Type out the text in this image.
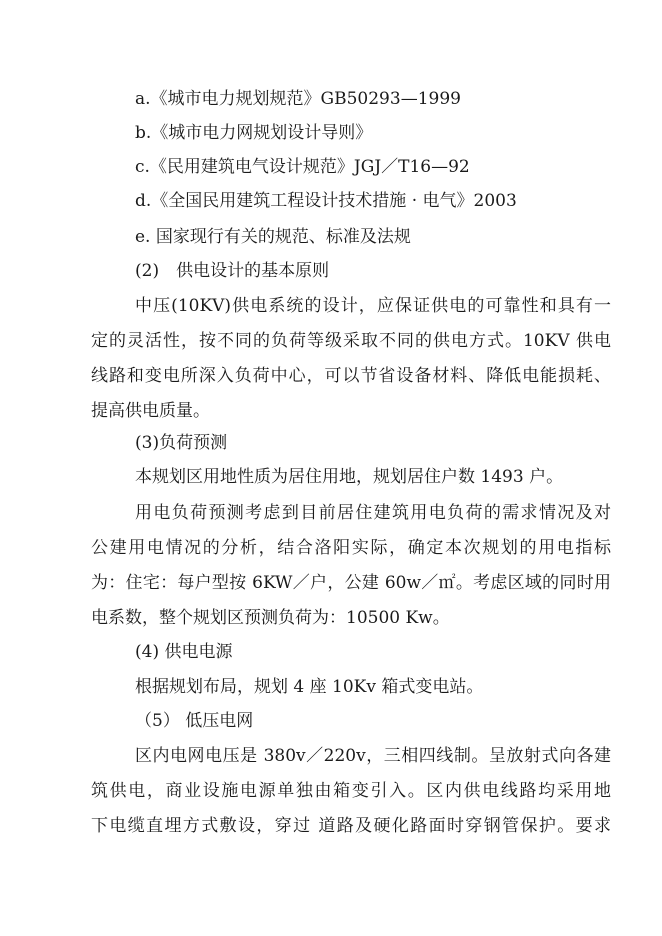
a.《城市电力规划规范》GB50293—1999
b.《城市电力网规划设计导则》
c.《民用建筑电气设计规范》JGJ／T16—92
d.《全国民用建筑工程设计技术措施 · 电气》2003
e. 国家现行有关的规范、标准及法规
(2)　供电设计的基本原则
中压(10KV)供电系统的设计，应保证供电的可靠性和具有一
定的灵活性，按不同的负荷等级采取不同的供电方式。10KV 供电
线路和变电所深入负荷中心，可以节省设备材料、降低电能损耗、
提高供电质量。
(3)负荷预测
本规划区用地性质为居住用地，规划居住户数 1493 户。
用电负荷预测考虑到目前居住建筑用电负荷的需求情况及对
公建用电情况的分析，结合洛阳实际，确定本次规划的用电指标
为：住宅：每户型按 6KW／户，公建 60w／㎡。考虑区域的同时用
电系数，整个规划区预测负荷为：10500 Kw。
(4) 供电电源
根据规划布局，规划 4 座 10Kv 箱式变电站。
（5） 低压电网
区内电网电压是 380v／220v，三相四线制。呈放射式向各建
筑供电，商业设施电源单独由箱变引入。区内供电线路均采用地
下电缆直埋方式敷设，穿过 道路及硬化路面时穿钢管保护。要求
